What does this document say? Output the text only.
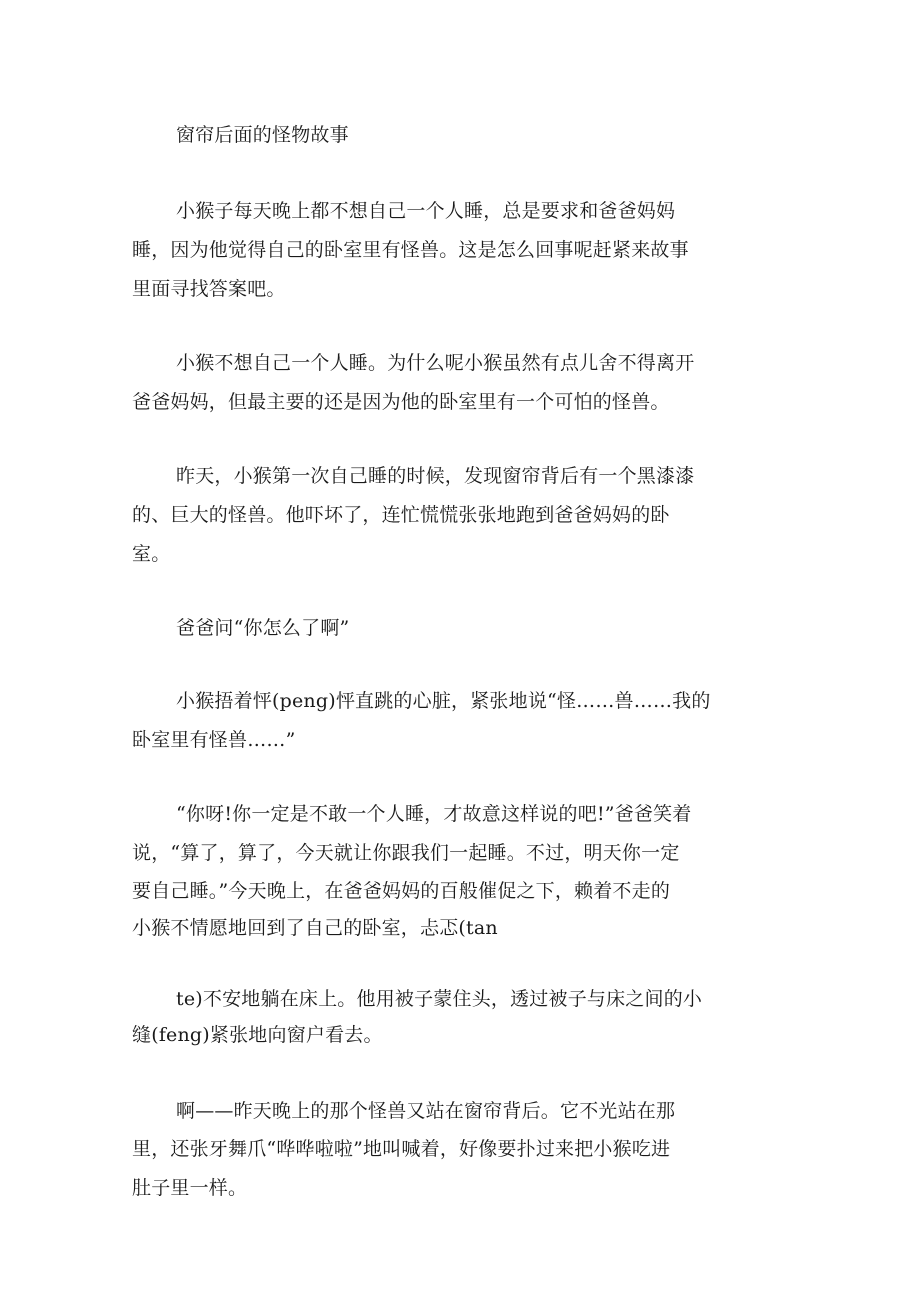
窗帘后面的怪物故事
小猴子每天晚上都不想自己一个人睡，总是要求和爸爸妈妈
睡，因为他觉得自己的卧室里有怪兽。这是怎么回事呢赶紧来故事
里面寻找答案吧。
小猴不想自己一个人睡。为什么呢小猴虽然有点儿舍不得离开
爸爸妈妈，但最主要的还是因为他的卧室里有一个可怕的怪兽。
昨天，小猴第一次自己睡的时候，发现窗帘背后有一个黑漆漆
的、巨大的怪兽。他吓坏了，连忙慌慌张张地跑到爸爸妈妈的卧
室。
爸爸问“你怎么了啊”
小猴捂着怦(peng)怦直跳的心脏，紧张地说“怪……兽……我的
卧室里有怪兽……”
“你呀!你一定是不敢一个人睡，才故意这样说的吧!”爸爸笑着
说，“算了，算了，今天就让你跟我们一起睡。不过，明天你一定
要自己睡。”今天晚上，在爸爸妈妈的百般催促之下，赖着不走的
小猴不情愿地回到了自己的卧室，忐忑(tan
te)不安地躺在床上。他用被子蒙住头，透过被子与床之间的小
缝(feng)紧张地向窗户看去。
啊——昨天晚上的那个怪兽又站在窗帘背后。它不光站在那
里，还张牙舞爪“哗哗啦啦”地叫喊着，好像要扑过来把小猴吃进
肚子里一样。
